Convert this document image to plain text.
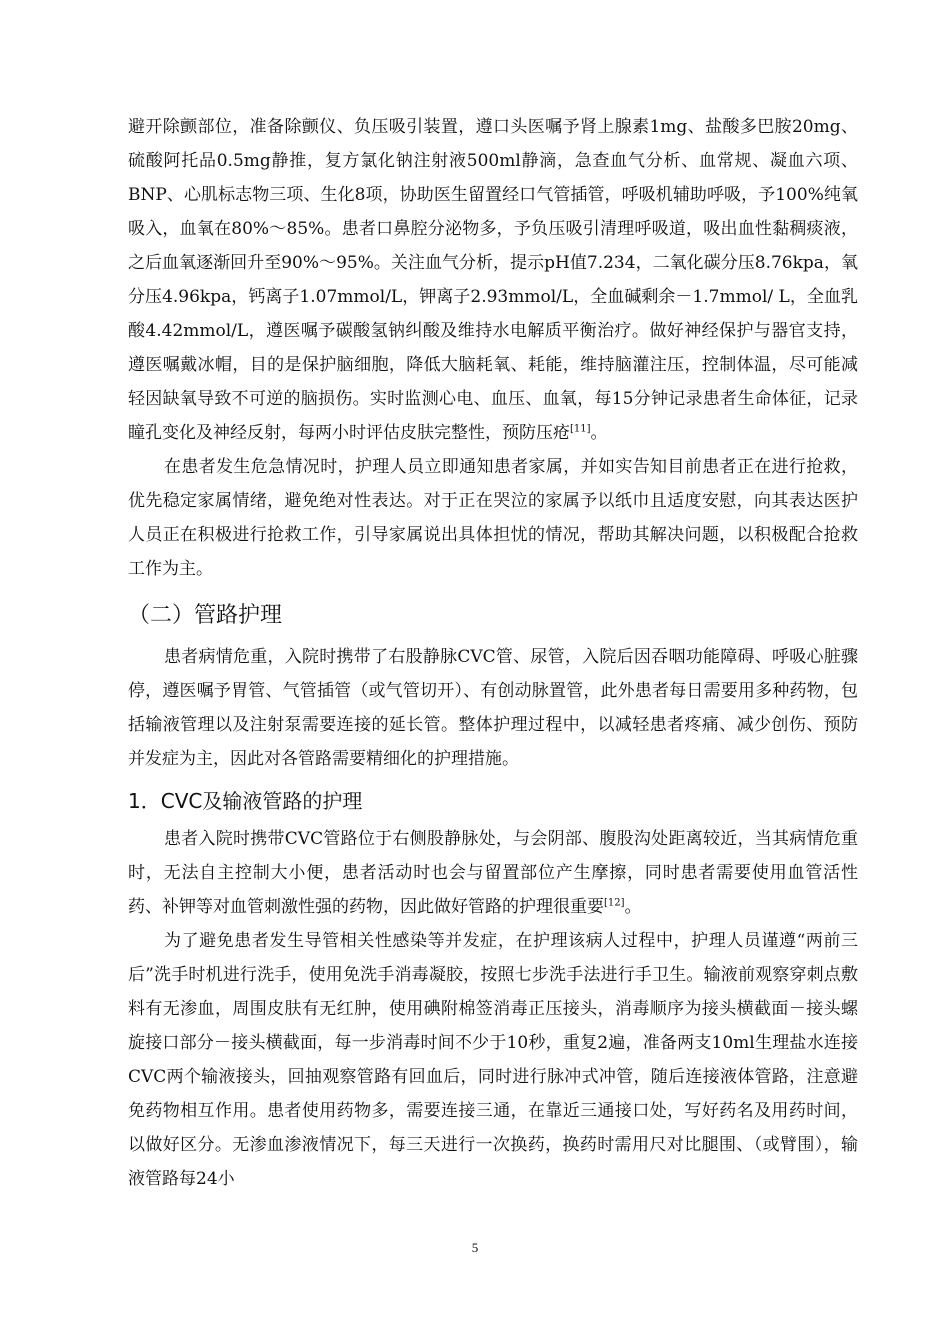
避开除颤部位，准备除颤仪、负压吸引装置，遵口头医嘱予肾上腺素1mg、盐酸多巴胺20mg、硫酸阿托品0.5mg静推，复方氯化钠注射液500ml静滴，急查血气分析、血常规、凝血六项、BNP、心肌标志物三项、生化8项，协助医生留置经口气管插管，呼吸机辅助呼吸，予100%纯氧吸入，血氧在80%～85%。患者口鼻腔分泌物多，予负压吸引清理呼吸道，吸出血性黏稠痰液，之后血氧逐渐回升至90%～95%。关注血气分析，提示pH值7.234，二氧化碳分压8.76kpa，氧分压4.96kpa，钙离子1.07mmol/L，钾离子2.93mmol/L，全血碱剩余－1.7mmol/ L，全血乳酸4.42mmol/L，遵医嘱予碳酸氢钠纠酸及维持水电解质平衡治疗。做好神经保护与器官支持，遵医嘱戴冰帽，目的是保护脑细胞，降低大脑耗氧、耗能，维持脑灌注压，控制体温，尽可能减轻因缺氧导致不可逆的脑损伤。实时监测心电、血压、血氧，每15分钟记录患者生命体征，记录瞳孔变化及神经反射，每两小时评估皮肤完整性，预防压疮[11]。

在患者发生危急情况时，护理人员立即通知患者家属，并如实告知目前患者正在进行抢救，优先稳定家属情绪，避免绝对性表达。对于正在哭泣的家属予以纸巾且适度安慰，向其表达医护人员正在积极进行抢救工作，引导家属说出具体担忧的情况，帮助其解决问题，以积极配合抢救工作为主。

（二）管路护理

患者病情危重，入院时携带了右股静脉CVC管、尿管，入院后因吞咽功能障碍、呼吸心脏骤停，遵医嘱予胃管、气管插管（或气管切开）、有创动脉置管，此外患者每日需要用多种药物，包括输液管理以及注射泵需要连接的延长管。整体护理过程中，以减轻患者疼痛、减少创伤、预防并发症为主，因此对各管路需要精细化的护理措施。

1．CVC及输液管路的护理

患者入院时携带CVC管路位于右侧股静脉处，与会阴部、腹股沟处距离较近，当其病情危重时，无法自主控制大小便，患者活动时也会与留置部位产生摩擦，同时患者需要使用血管活性药、补钾等对血管刺激性强的药物，因此做好管路的护理很重要[12]。

为了避免患者发生导管相关性感染等并发症，在护理该病人过程中，护理人员谨遵“两前三后”洗手时机进行洗手，使用免洗手消毒凝胶，按照七步洗手法进行手卫生。输液前观察穿刺点敷料有无渗血，周围皮肤有无红肿，使用碘附棉签消毒正压接头，消毒顺序为接头横截面－接头螺旋接口部分－接头横截面，每一步消毒时间不少于10秒，重复2遍，准备两支10ml生理盐水连接CVC两个输液接头，回抽观察管路有回血后，同时进行脉冲式冲管，随后连接液体管路，注意避免药物相互作用。患者使用药物多，需要连接三通，在靠近三通接口处，写好药名及用药时间，以做好区分。无渗血渗液情况下，每三天进行一次换药，换药时需用尺对比腿围、（或臂围），输液管路每24小

5
